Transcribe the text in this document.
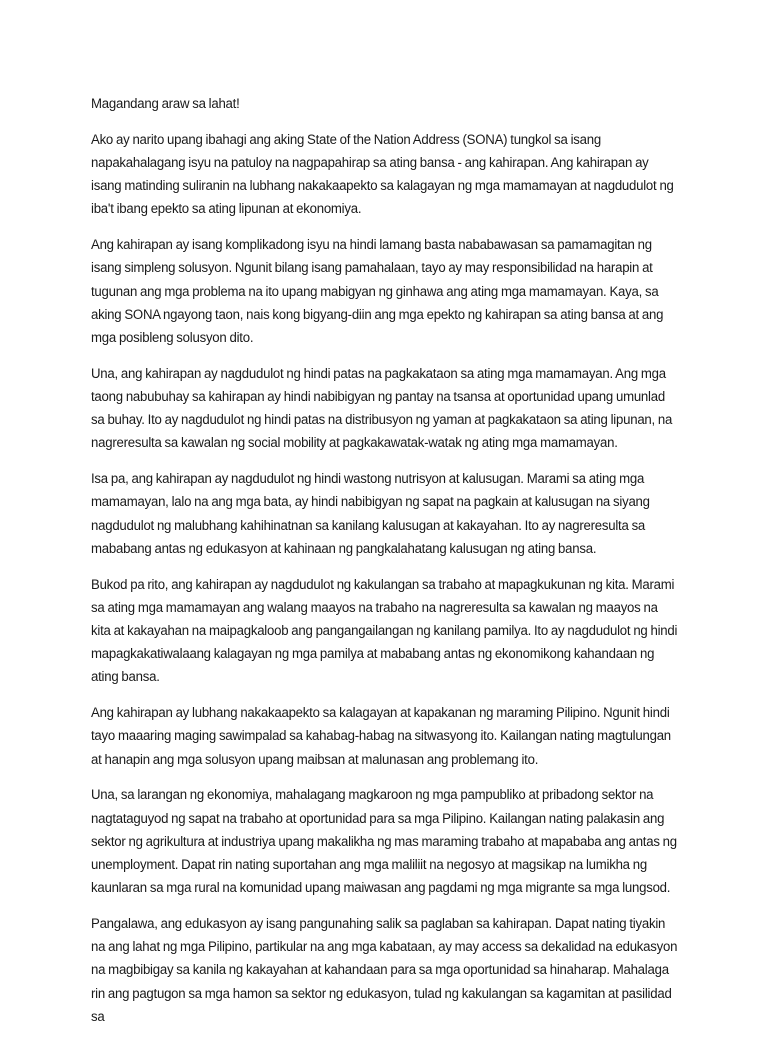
Magandang araw sa lahat!

Ako ay narito upang ibahagi ang aking State of the Nation Address (SONA) tungkol sa isang napakahalagang isyu na patuloy na nagpapahirap sa ating bansa - ang kahirapan. Ang kahirapan ay isang matinding suliranin na lubhang nakakaapekto sa kalagayan ng mga mamamayan at nagdudulot ng iba't ibang epekto sa ating lipunan at ekonomiya.

Ang kahirapan ay isang komplikadong isyu na hindi lamang basta nababawasan sa pamamagitan ng isang simpleng solusyon. Ngunit bilang isang pamahalaan, tayo ay may responsibilidad na harapin at tugunan ang mga problema na ito upang mabigyan ng ginhawa ang ating mga mamamayan. Kaya, sa aking SONA ngayong taon, nais kong bigyang-diin ang mga epekto ng kahirapan sa ating bansa at ang mga posibleng solusyon dito.

Una, ang kahirapan ay nagdudulot ng hindi patas na pagkakataon sa ating mga mamamayan. Ang mga taong nabubuhay sa kahirapan ay hindi nabibigyan ng pantay na tsansa at oportunidad upang umunlad sa buhay. Ito ay nagdudulot ng hindi patas na distribusyon ng yaman at pagkakataon sa ating lipunan, na nagreresulta sa kawalan ng social mobility at pagkakawatak-watak ng ating mga mamamayan.

Isa pa, ang kahirapan ay nagdudulot ng hindi wastong nutrisyon at kalusugan. Marami sa ating mga mamamayan, lalo na ang mga bata, ay hindi nabibigyan ng sapat na pagkain at kalusugan na siyang nagdudulot ng malubhang kahihinatnan sa kanilang kalusugan at kakayahan. Ito ay nagreresulta sa mababang antas ng edukasyon at kahinaan ng pangkalahatang kalusugan ng ating bansa.

Bukod pa rito, ang kahirapan ay nagdudulot ng kakulangan sa trabaho at mapagkukunan ng kita. Marami sa ating mga mamamayan ang walang maayos na trabaho na nagreresulta sa kawalan ng maayos na kita at kakayahan na maipagkaloob ang pangangailangan ng kanilang pamilya. Ito ay nagdudulot ng hindi mapagkakatiwalaang kalagayan ng mga pamilya at mababang antas ng ekonomikong kahandaan ng ating bansa.

Ang kahirapan ay lubhang nakakaapekto sa kalagayan at kapakanan ng maraming Pilipino. Ngunit hindi tayo maaaring maging sawimpalad sa kahabag-habag na sitwasyong ito. Kailangan nating magtulungan at hanapin ang mga solusyon upang maibsan at malunasan ang problemang ito.

Una, sa larangan ng ekonomiya, mahalagang magkaroon ng mga pampubliko at pribadong sektor na nagtataguyod ng sapat na trabaho at oportunidad para sa mga Pilipino. Kailangan nating palakasin ang sektor ng agrikultura at industriya upang makalikha ng mas maraming trabaho at mapababa ang antas ng unemployment. Dapat rin nating suportahan ang mga maliliit na negosyo at magsikap na lumikha ng kaunlaran sa mga rural na komunidad upang maiwasan ang pagdami ng mga migrante sa mga lungsod.

Pangalawa, ang edukasyon ay isang pangunahing salik sa paglaban sa kahirapan. Dapat nating tiyakin na ang lahat ng mga Pilipino, partikular na ang mga kabataan, ay may access sa dekalidad na edukasyon na magbibigay sa kanila ng kakayahan at kahandaan para sa mga oportunidad sa hinaharap. Mahalaga rin ang pagtugon sa mga hamon sa sektor ng edukasyon, tulad ng kakulangan sa kagamitan at pasilidad sa
